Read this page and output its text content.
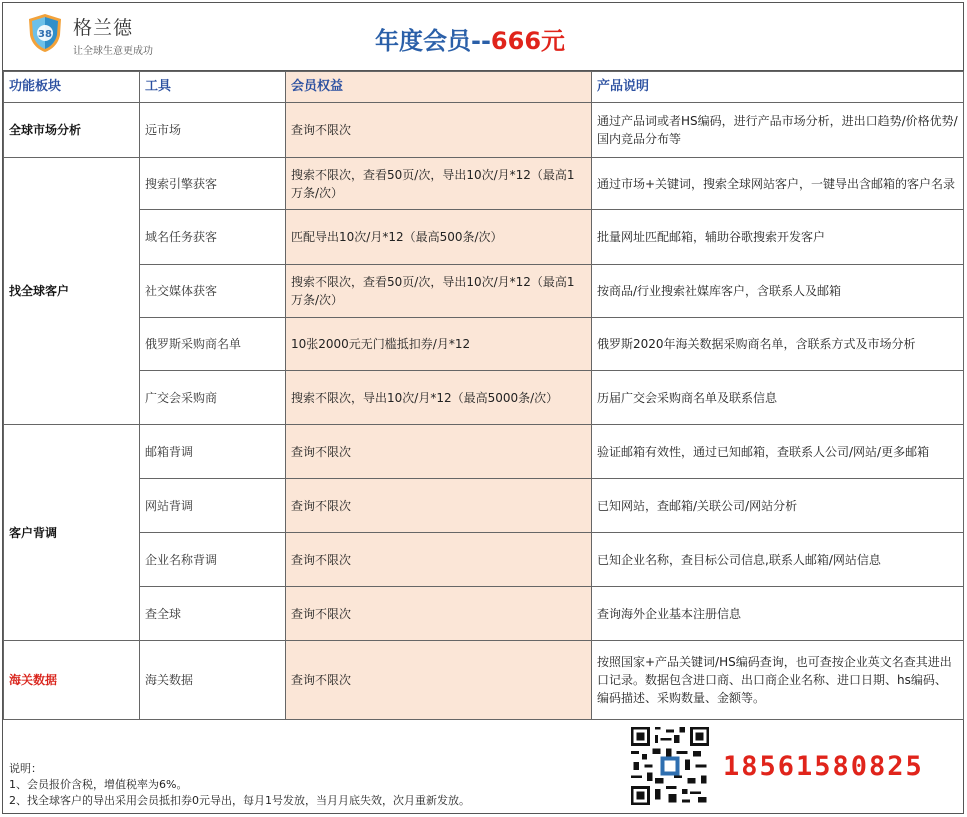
38 格兰德
让全球生意更成功	年度会员--666元
功能板块	工具	会员权益	产品说明
全球市场分析	远市场	查询不限次	通过产品词或者HS编码，进行产品市场分析，进出口趋势/价格优势/国内竞品分布等
找全球客户	搜索引擎获客	搜索不限次，查看50页/次，导出10次/月*12（最高1万条/次）	通过市场+关键词，搜索全球网站客户，一键导出含邮箱的客户名录
	域名任务获客	匹配导出10次/月*12（最高500条/次）	批量网址匹配邮箱，辅助谷歌搜索开发客户
	社交媒体获客	搜索不限次，查看50页/次，导出10次/月*12（最高1万条/次）	按商品/行业搜索社媒库客户，含联系人及邮箱
	俄罗斯采购商名单	10张2000元无门槛抵扣券/月*12	俄罗斯2020年海关数据采购商名单，含联系方式及市场分析
	广交会采购商	搜索不限次，导出10次/月*12（最高5000条/次）	历届广交会采购商名单及联系信息
客户背调	邮箱背调	查询不限次	验证邮箱有效性，通过已知邮箱，查联系人公司/网站/更多邮箱
	网站背调	查询不限次	已知网站，查邮箱/关联公司/网站分析
	企业名称背调	查询不限次	已知企业名称，查目标公司信息,联系人邮箱/网站信息
	查全球	查询不限次	查询海外企业基本注册信息
海关数据	海关数据	查询不限次	按照国家+产品关键词/HS编码查询，也可查按企业英文名查其进出口记录。数据包含进口商、出口商企业名称、进口日期、hs编码、编码描述、采购数量、金额等。
说明：
1、会员报价含税，增值税率为6%。
2、找全球客户的导出采用会员抵扣券0元导出，每月1号发放，当月月底失效，次月重新发放。
18561580825
